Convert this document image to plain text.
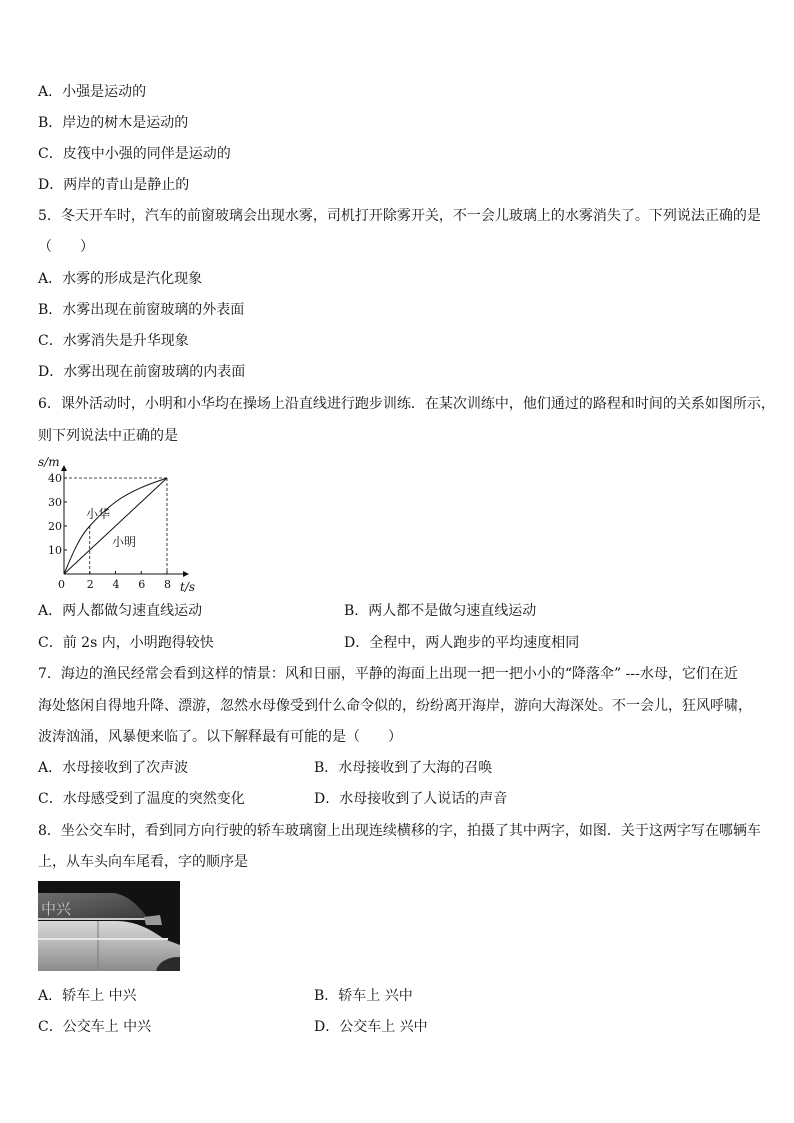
A．小强是运动的
B．岸边的树木是运动的
C．皮筏中小强的同伴是运动的
D．两岸的青山是静止的
5．冬天开车时，汽车的前窗玻璃会出现水雾，司机打开除雾开关，不一会儿玻璃上的水雾消失了。下列说法正确的是
（　　）
A．水雾的形成是汽化现象
B．水雾出现在前窗玻璃的外表面
C．水雾消失是升华现象
D．水雾出现在前窗玻璃的内表面
6．课外活动时，小明和小华均在操场上沿直线进行跑步训练．在某次训练中，他们通过的路程和时间的关系如图所示，
则下列说法中正确的是
s/m
t/s
0 2 4 6 8
10
20
30
40
小华
小明
A．两人都做匀速直线运动	B．两人都不是做匀速直线运动
C．前 2s 内，小明跑得较快	D．全程中，两人跑步的平均速度相同
7．海边的渔民经常会看到这样的情景：风和日丽，平静的海面上出现一把一把小小的“降落伞” ---水母，它们在近
海处悠闲自得地升降、漂游，忽然水母像受到什么命令似的，纷纷离开海岸，游向大海深处。不一会儿，狂风呼啸，
波涛汹涌，风暴便来临了。以下解释最有可能的是（　　）
A．水母接收到了次声波	B．水母接收到了大海的召唤
C．水母感受到了温度的突然变化	D．水母接收到了人说话的声音
8．坐公交车时，看到同方向行驶的轿车玻璃窗上出现连续横移的字，拍摄了其中两字，如图．关于这两字写在哪辆车
上，从车头向车尾看，字的顺序是
中兴
A．轿车上 中兴	B．轿车上 兴中
C．公交车上 中兴	D．公交车上 兴中
